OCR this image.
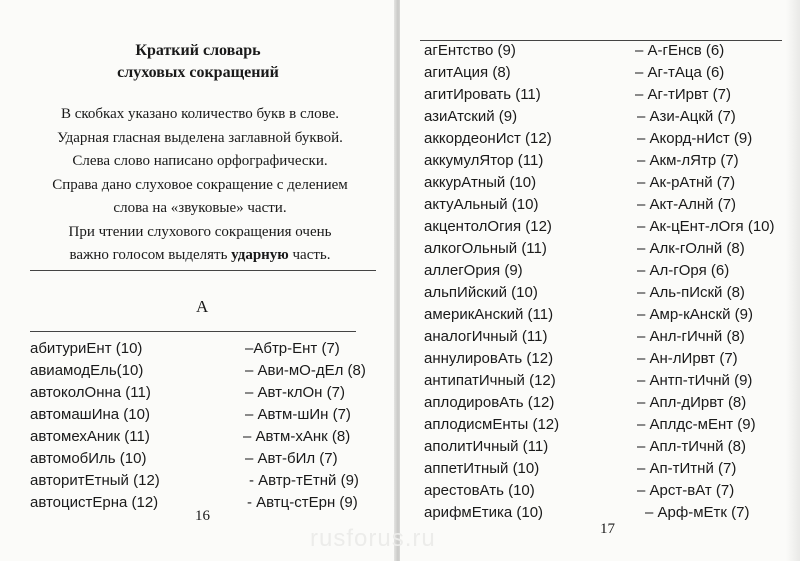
Краткий словарь
слуховых сокращений
В скобках указано количество букв в слове.
Ударная гласная выделена заглавной буквой.
Слева слово написано орфографически.
Справа дано слуховое сокращение с делением
слова на «звуковые» части.
При чтении слухового сокращения очень
важно голосом выделять ударную часть.
А
абитуриЕнт (10)	–Абтр-Ент (7)
авиамодЕль(10)	– Ави-мО-дЕл (8)
автоколОнна (11)	– Авт-клОн (7)
автомашИна (10)	– Автм-шИн (7)
автомехАник (11)	– Автм-хАнк (8)
автомобИль (10)	– Авт-бИл (7)
авторитЕтный (12)	- Автр-тЕтнй (9)
автоцистЕрна (12)	- Автц-стЕрн (9)
16
агЕнтство (9)	– А-гЕнсв (6)
агитАция (8)	– Аг-тАца (6)
агитИровать (11)	– Аг-тИрвт (7)
азиАтский (9)	– Ази-Ацкй (7)
аккордеонИст (12)	– Акорд-нИст (9)
аккумулЯтор (11)	– Акм-лЯтр (7)
аккурАтный (10)	– Ак-рАтнй (7)
актуАльный (10)	– Акт-Алнй (7)
акцентолОгия (12)	– Ак-цЕнт-лОгя (10)
алкогОльный (11)	– Алк-гОлнй (8)
аллегОрия (9)	– Ал-гОря (6)
альпИйский (10)	– Аль-пИскй (8)
америкАнский (11)	– Амр-кАнскй (9)
аналогИчный (11)	– Анл-гИчнй (8)
аннулировАть (12)	– Ан-лИрвт (7)
антипатИчный (12)	– Антп-тИчнй (9)
аплодировАть (12)	– Апл-дИрвт (8)
аплодисмЕнты (12)	– Аплдс-мЕнт (9)
аполитИчный (11)	– Апл-тИчнй (8)
аппетИтный (10)	– Ап-тИтнй (7)
арестовАть (10)	– Арст-вАт (7)
арифмЕтика (10)	– Арф-мЕтк (7)
17
rusforus.ru
